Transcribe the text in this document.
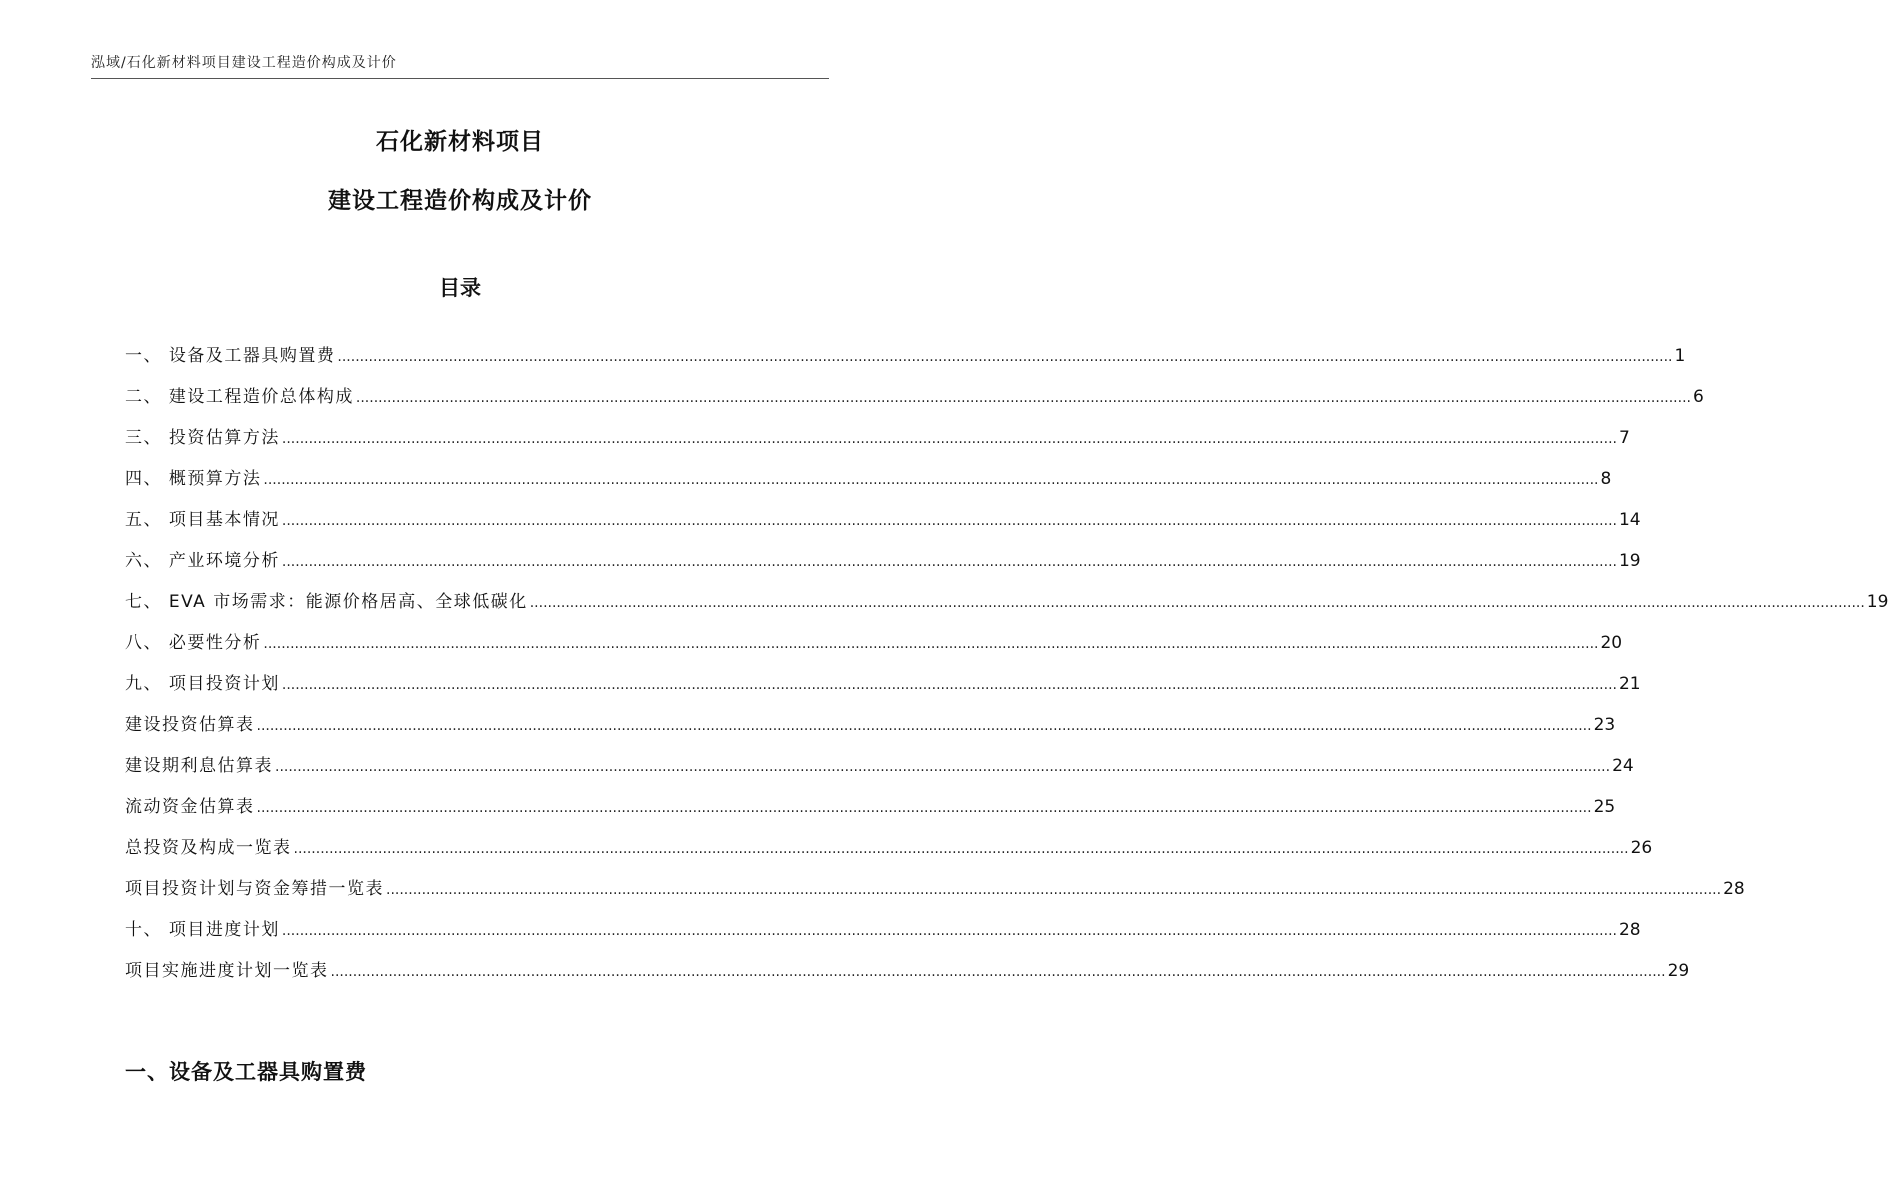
泓域/石化新材料项目建设工程造价构成及计价
石化新材料项目
建设工程造价构成及计价
目录
一、 设备及工器具购置费 ............................................................................................................................................................................................................................................................................................................ 1
二、 建设工程造价总体构成 ............................................................................................................................................................................................................................................................................................................ 6
三、 投资估算方法 ............................................................................................................................................................................................................................................................................................................ 7
四、 概预算方法 ............................................................................................................................................................................................................................................................................................................ 8
五、 项目基本情况 ............................................................................................................................................................................................................................................................................................................ 14
六、 产业环境分析 ............................................................................................................................................................................................................................................................................................................ 19
七、 EVA 市场需求：能源价格居高、全球低碳化 ............................................................................................................................................................................................................................................................................................................ 19
八、 必要性分析 ............................................................................................................................................................................................................................................................................................................ 20
九、 项目投资计划 ............................................................................................................................................................................................................................................................................................................ 21
建设投资估算表 ............................................................................................................................................................................................................................................................................................................ 23
建设期利息估算表 ............................................................................................................................................................................................................................................................................................................ 24
流动资金估算表 ............................................................................................................................................................................................................................................................................................................ 25
总投资及构成一览表 ............................................................................................................................................................................................................................................................................................................ 26
项目投资计划与资金筹措一览表 ............................................................................................................................................................................................................................................................................................................ 28
十、 项目进度计划 ............................................................................................................................................................................................................................................................................................................ 28
项目实施进度计划一览表 ............................................................................................................................................................................................................................................................................................................ 29
一、设备及工器具购置费
